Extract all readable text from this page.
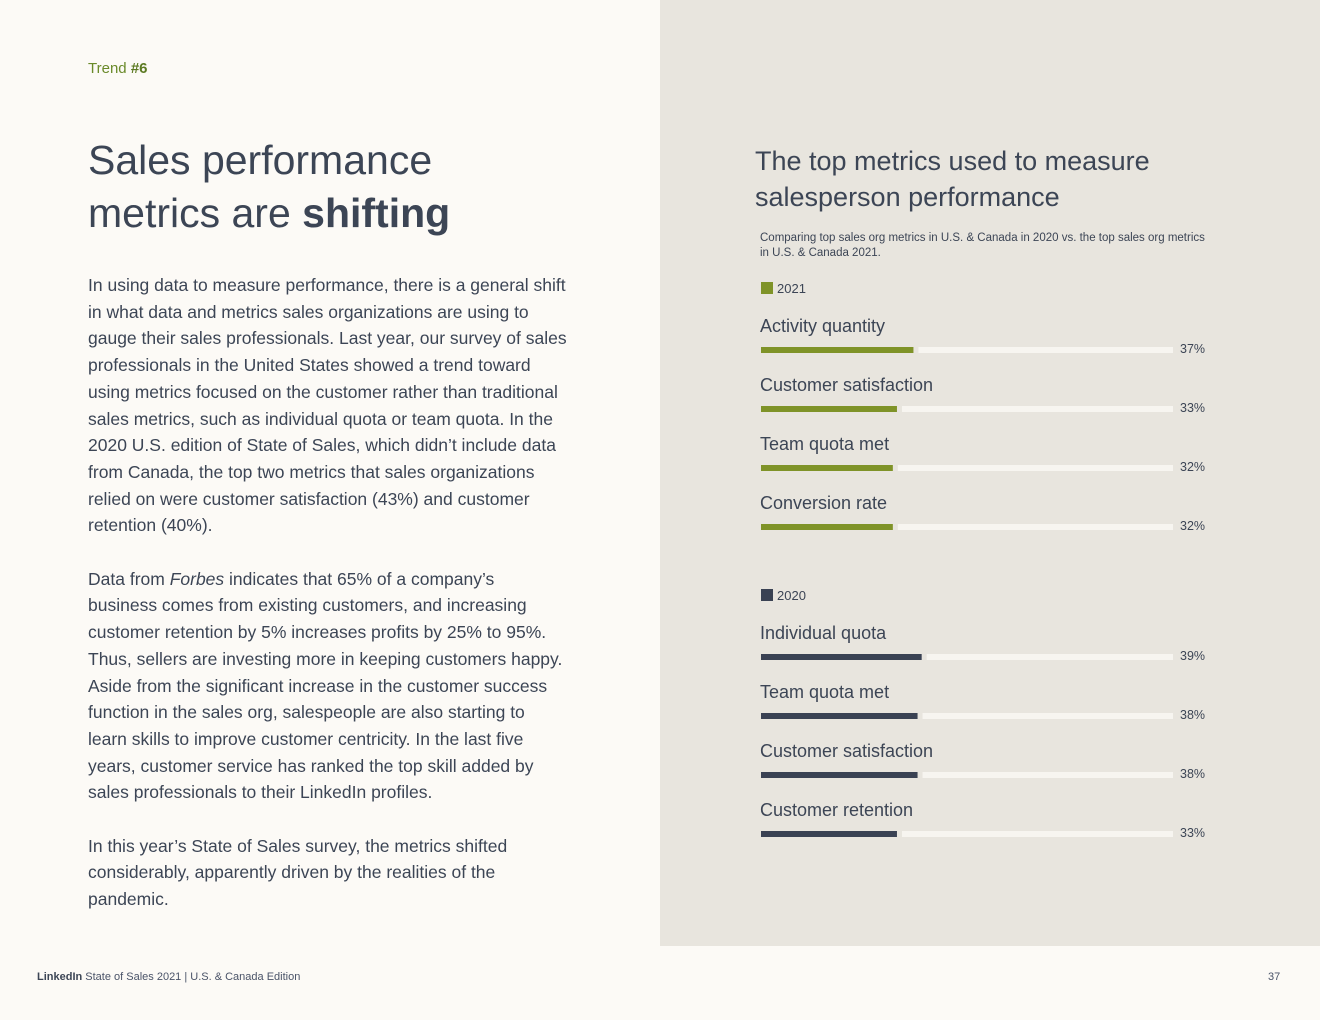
Trend #6
Sales performance
metrics are shifting

In using data to measure performance, there is a general shift in what data and metrics sales organizations are using to gauge their sales professionals. Last year, our survey of sales professionals in the United States showed a trend toward using metrics focused on the customer rather than traditional sales metrics, such as individual quota or team quota. In the 2020 U.S. edition of State of Sales, which didn’t include data from Canada, the top two metrics that sales organizations relied on were customer satisfaction (43%) and customer retention (40%).

Data from Forbes indicates that 65% of a company’s business comes from existing customers, and increasing customer retention by 5% increases profits by 25% to 95%. Thus, sellers are investing more in keeping customers happy. Aside from the significant increase in the customer success function in the sales org, salespeople are also starting to learn skills to improve customer centricity. In the last five years, customer service has ranked the top skill added by sales professionals to their LinkedIn profiles.

In this year’s State of Sales survey, the metrics shifted considerably, apparently driven by the realities of the pandemic.

The top metrics used to measure salesperson performance
Comparing top sales org metrics in U.S. & Canada in 2020 vs. the top sales org metrics in U.S. & Canada 2021.
2021
Activity quantity
37%
Customer satisfaction
33%
Team quota met
32%
Conversion rate
32%
2020
Individual quota
39%
Team quota met
38%
Customer satisfaction
38%
Customer retention
33%
LinkedIn State of Sales 2021 | U.S. & Canada Edition	37
